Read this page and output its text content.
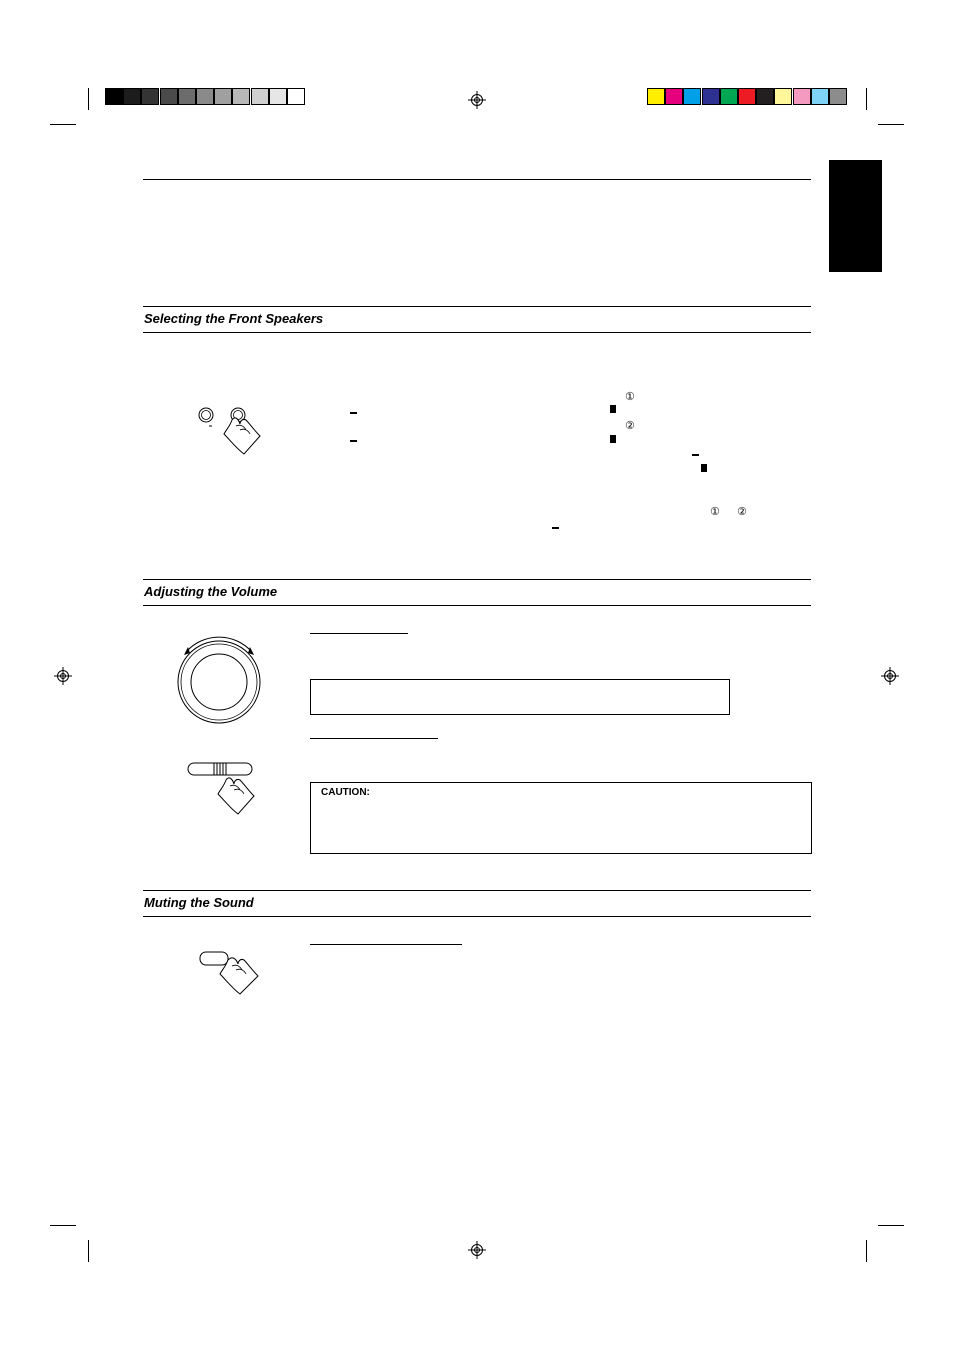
Selecting the Front Speakers
①
②
① ②
Adjusting the Volume
CAUTION:
Muting the Sound
